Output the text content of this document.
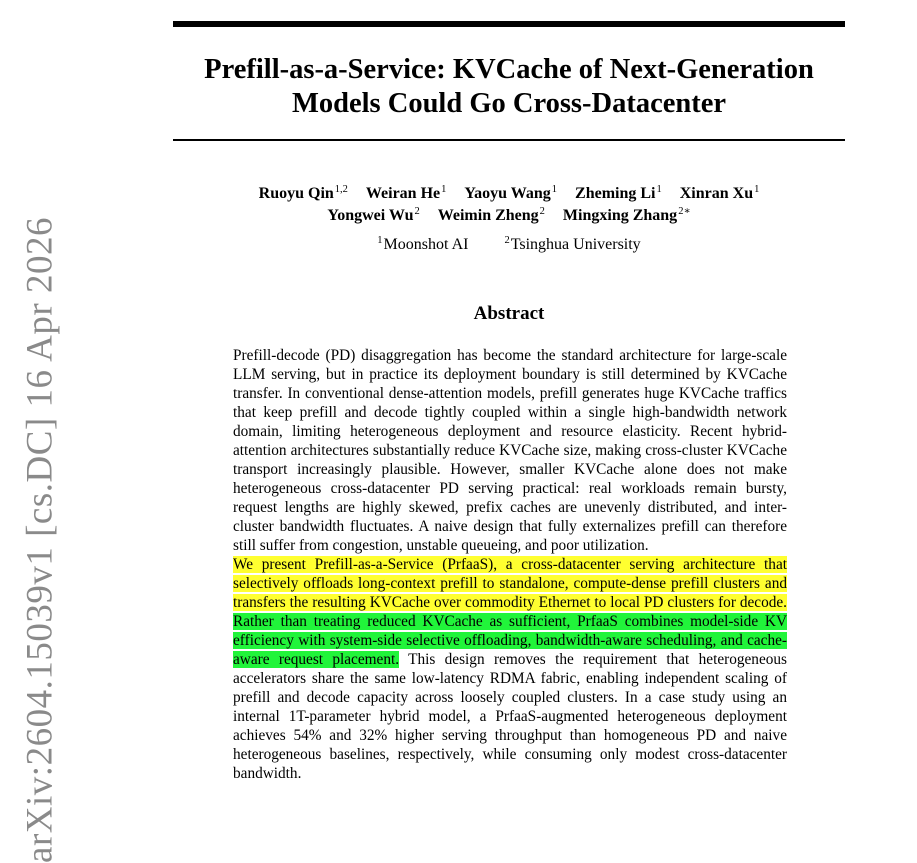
arXiv:2604.15039v1 [cs.DC] 16 Apr 2026
Prefill-as-a-Service: KVCache of Next-Generation
Models Could Go Cross-Datacenter
Ruoyu Qin$^{1,2}$ Weiran He$^1$ Yaoyu Wang$^1$ Zheming Li$^1$ Xinran Xu$^1$
Yongwei Wu$^2$ Weimin Zheng$^2$ Mingxing Zhang$^{2∗}$
$^1$Moonshot AI	$^2$Tsinghua University
Abstract

Prefill-decode (PD) disaggregation has become the standard architecture for large-scale LLM serving, but in practice its deployment boundary is still determined by KVCache transfer. In conventional dense-attention models, prefill generates huge KVCache traffics that keep prefill and decode tightly coupled within a single high-bandwidth network domain, limiting heterogeneous deployment and resource elasticity. Recent hybrid-attention architectures substantially reduce KVCache size, making cross-cluster KVCache transport increasingly plausible. However, smaller KVCache alone does not make heterogeneous cross-datacenter PD serving practical: real workloads remain bursty, request lengths are highly skewed, prefix caches are unevenly distributed, and inter-cluster bandwidth fluctuates. A naive design that fully externalizes prefill can therefore still suffer from congestion, unstable queueing, and poor utilization.

We present Prefill-as-a-Service (PrfaaS), a cross-datacenter serving architecture that selectively offloads long-context prefill to standalone, compute-dense prefill clusters and transfers the resulting KVCache over commodity Ethernet to local PD clusters for decode. Rather than treating reduced KVCache as sufficient, PrfaaS combines model-side KV efficiency with system-side selective offloading, bandwidth-aware scheduling, and cache-aware request placement. This design removes the requirement that heterogeneous accelerators share the same low-latency RDMA fabric, enabling independent scaling of prefill and decode capacity across loosely coupled clusters. In a case study using an internal 1T-parameter hybrid model, a PrfaaS-augmented heterogeneous deployment achieves 54% and 32% higher serving throughput than homogeneous PD and naive heterogeneous baselines, respectively, while consuming only modest cross-datacenter bandwidth.
